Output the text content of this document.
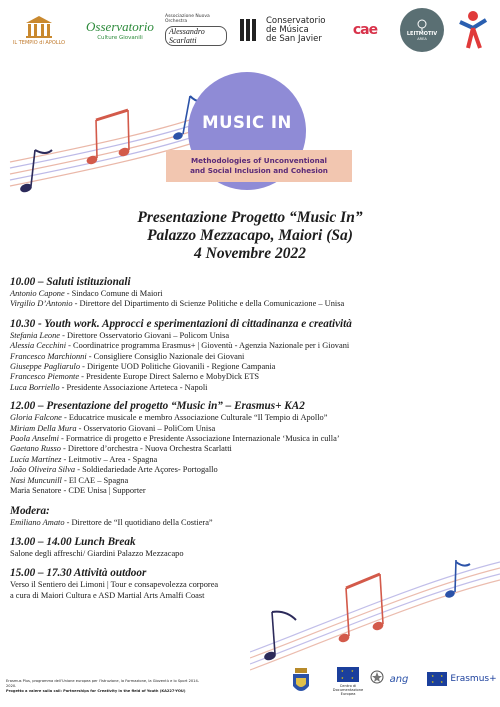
IL TEMPIO di APOLLO
Osservatorio
Culture Giovanili
Associazione Nuova Orchestra
Alessandro Scarlatti
Conservatorio
de Música
de San Javier
cae	LEITMOTIV
AREA
MUSIC IN
Methodologies of Unconventional
and Social Inclusion and Cohesion
Presentazione Progetto “Music In”
Palazzo Mezzacapo, Maiori (Sa)
4 Novembre 2022
10.00 – Saluti istituzionali
Antonio Capone - Sindaco Comune di Maiori
Virgilio D’Antonio - Direttore del Dipartimento di Scienze Politiche e della Comunicazione – Unisa
10.30 - Youth work. Approcci e sperimentazioni di cittadinanza e creatività
Stefania Leone - Direttore Osservatorio Giovani – Policom Unisa
Alessia Cecchini - Coordinatrice programma Erasmus+ | Gioventù - Agenzia Nazionale per i Giovani
Francesco Marchionni - Consigliere Consiglio Nazionale dei Giovani
Giuseppe Pagliarulo - Dirigente UOD Politiche Giovanili - Regione Campania
Francesco Piemonte - Presidente Europe Direct Salerno e MobyDick ETS
Luca Borriello - Presidente Associazione Arteteca - Napoli
12.00 – Presentazione del progetto “Music in” – Erasmus+ KA2
Gloria Falcone - Educatrice musicale e membro Associazione Culturale “Il Tempio di Apollo”
Miriam Della Mura - Osservatorio Giovani – PoliCom Unisa
Paola Anselmi - Formatrice di progetto e Presidente Associazione Internazionale ‘Musica in culla’
Gaetano Russo - Direttore d’orchestra - Nuova Orchestra Scarlatti
Lucía Martínez - Leitmotiv – Area - Spagna
João Oliveira Silva - Soldiedariedade Arte Açores- Portogallo
Nasi Muncunill - El CAE – Spagna
Maria Senatore - CDE Unisa | Supporter
Modera:
Emiliano Amato - Direttore de “Il quotidiano della Costiera”
13.00 – 14.00 Lunch Break
Salone degli affreschi/ Giardini Palazzo Mezzacapo
15.00 – 17.30 Attività outdoor
Verso il Sentiero dei Limoni | Tour e consapevolezza corporea
a cura di Maiori Cultura e ASD Martial Arts Amalfi Coast
Erasmus Plus, programma dell’Unione europea per l’Istruzione, la Formazione, la Gioventù e lo Sport 2014-2020.
Progetto a valere sulla call: Partnerships for Creativity in the field of Youth (KA227-YOU)
★ ★
★ ★
Centro di Documentazione Europea
ang	★ ★
★ ★ Erasmus+
